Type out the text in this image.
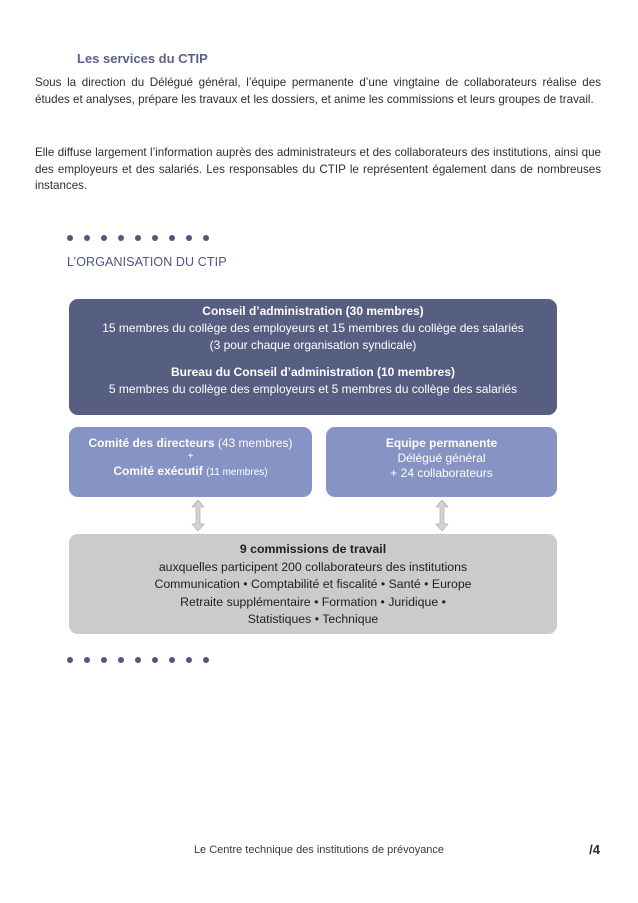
Les services du CTIP

Sous la direction du Délégué général, l’équipe permanente d’une vingtaine de collaborateurs réalise des études et analyses, prépare les travaux et les dossiers, et anime les commissions et leurs groupes de travail.

Elle diffuse largement l’information auprès des administrateurs et des collaborateurs des institutions, ainsi que des employeurs et des salariés. Les responsables du CTIP le représentent également dans de nombreuses instances.

L’ORGANISATION DU CTIP
Conseil d’administration (30 membres)
15 membres du collège des employeurs et 15 membres du collège des salariés
(3 pour chaque organisation syndicale)
Bureau du Conseil d’administration (10 membres)
5 membres du collège des employeurs et 5 membres du collège des salariés
Comité des directeurs (43 membres)
+
Comité exécutif (11 membres)
Equipe permanente
Délégué général
+ 24 collaborateurs
9 commissions de travail
auxquelles participent 200 collaborateurs des institutions
Communication • Comptabilité et fiscalité • Santé • Europe
Retraite supplémentaire • Formation • Juridique •
Statistiques • Technique

Le Centre technique des institutions de prévoyance	/4
